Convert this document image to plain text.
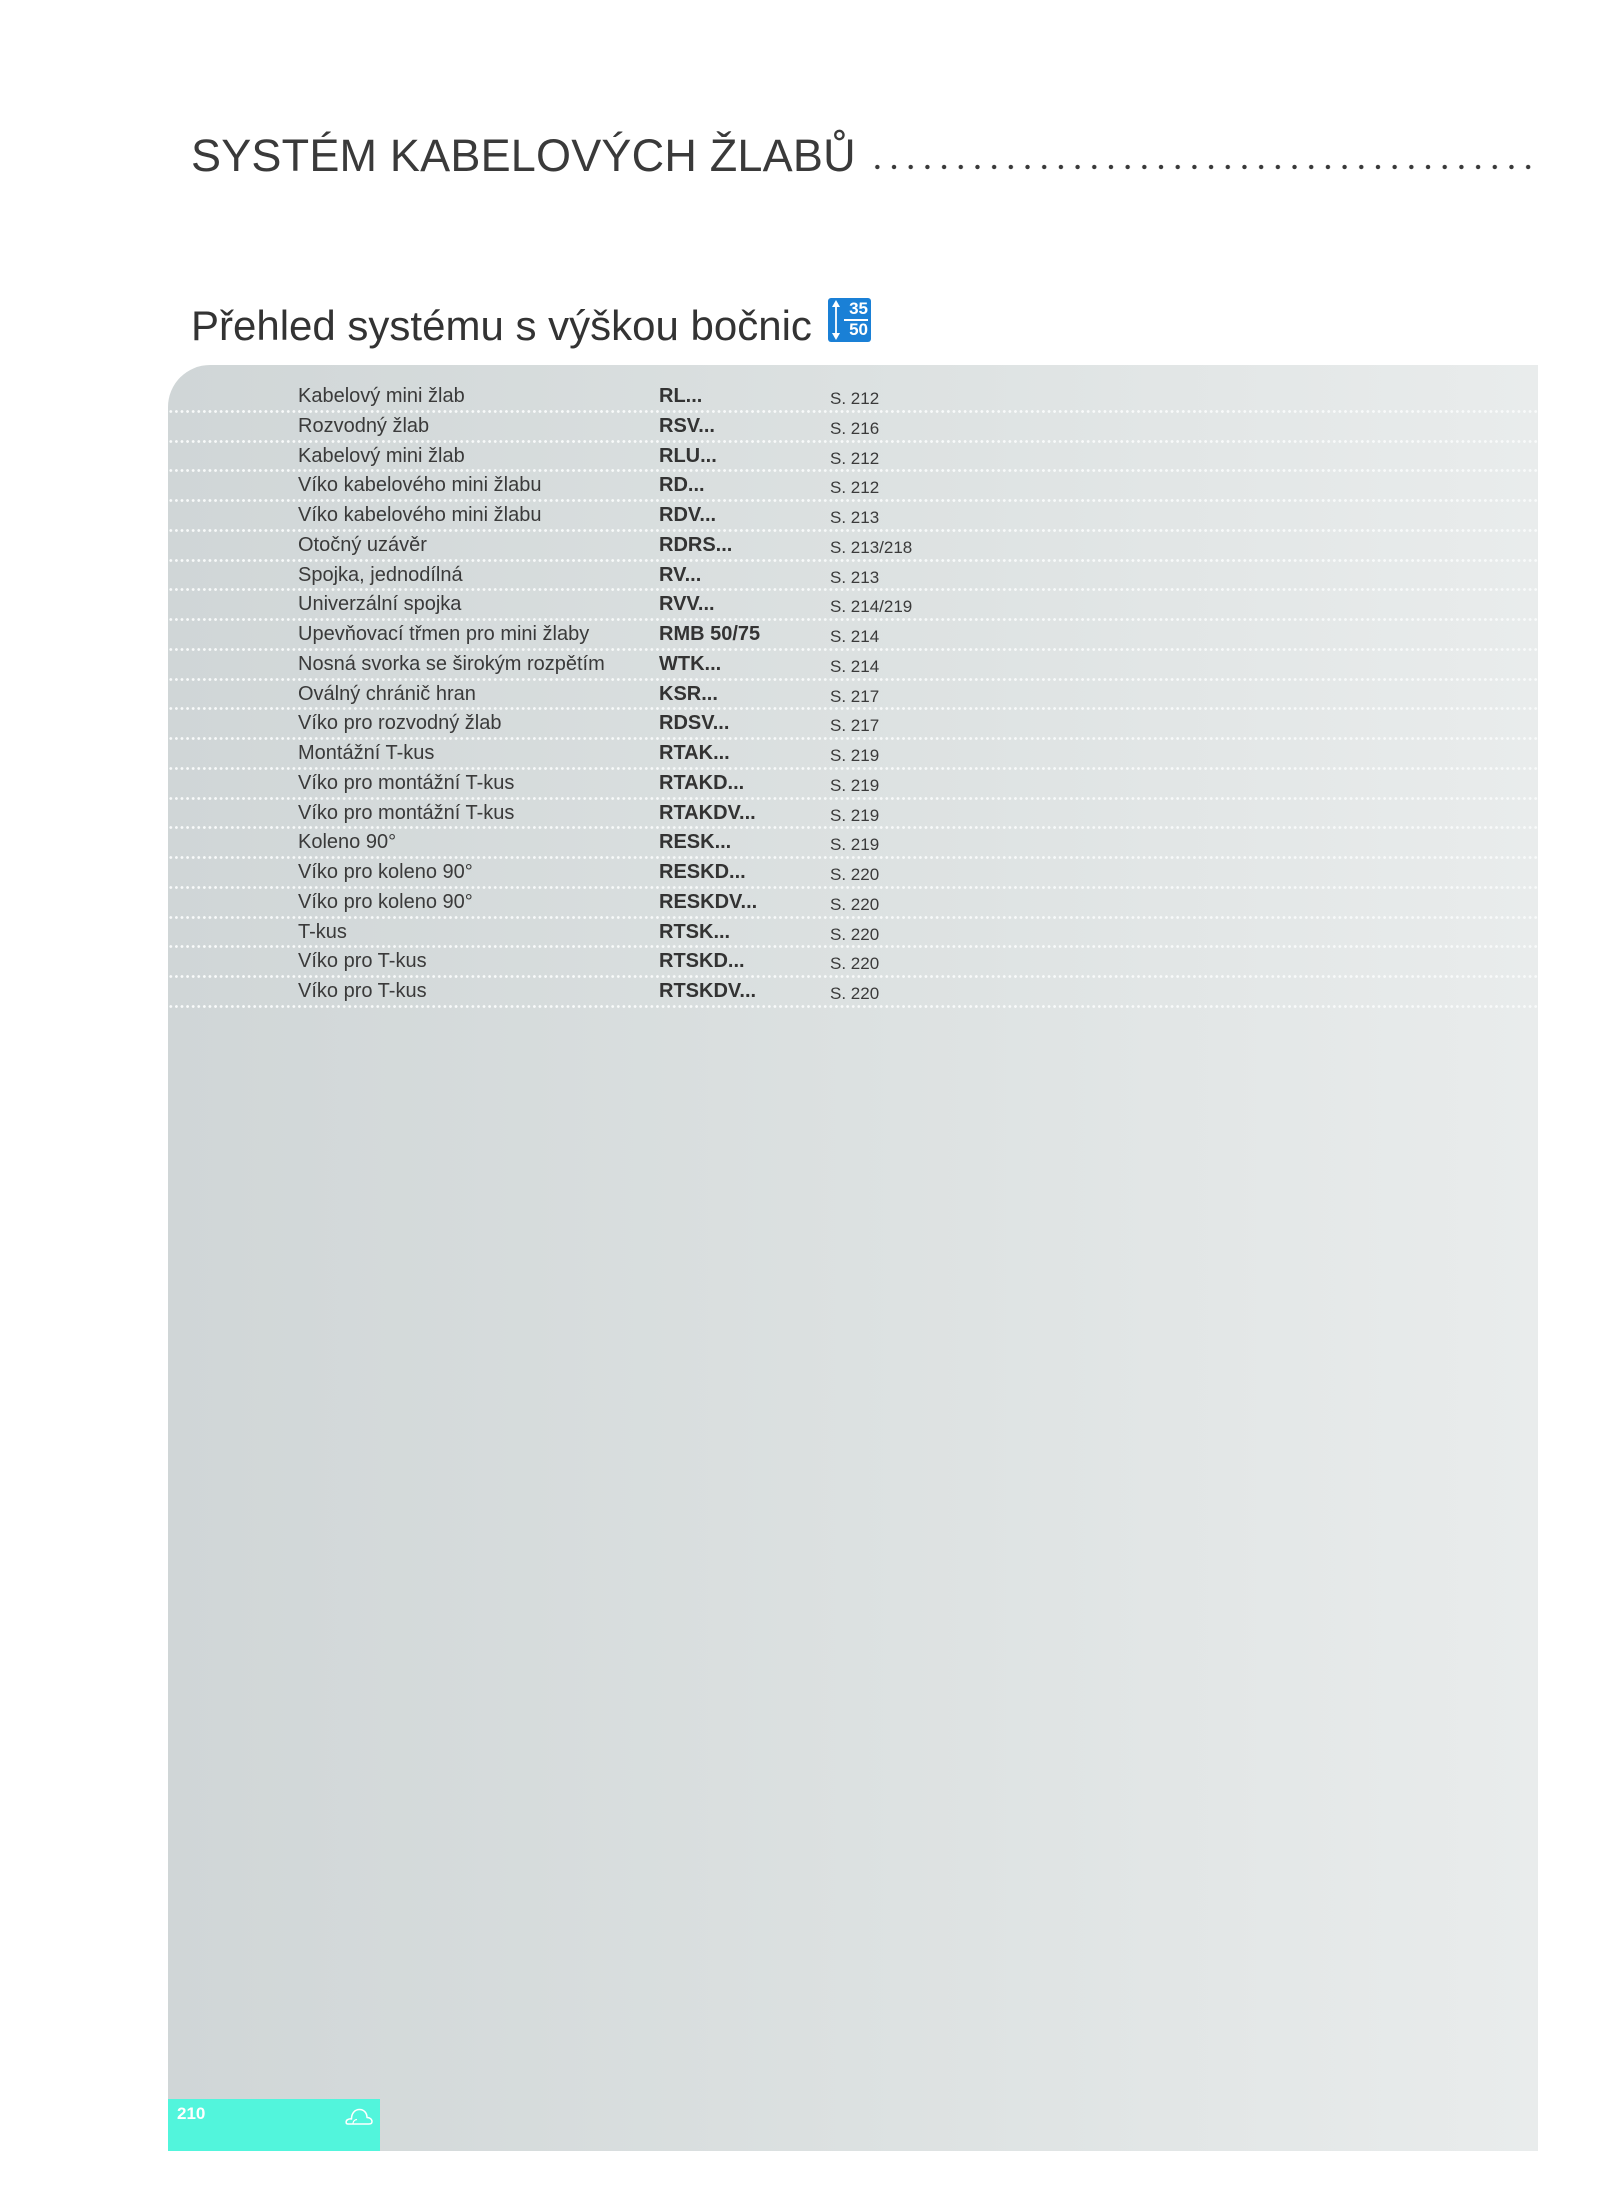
SYSTÉM KABELOVÝCH ŽLABŮ
Přehled systému s výškou bočnic 35
50
Kabelový mini žlab	RL...	S. 212
Rozvodný žlab	RSV...	S. 216
Kabelový mini žlab	RLU...	S. 212
Víko kabelového mini žlabu	RD...	S. 212
Víko kabelového mini žlabu	RDV...	S. 213
Otočný uzávěr	RDRS...	S. 213/218
Spojka, jednodílná	RV...	S. 213
Univerzální spojka	RVV...	S. 214/219
Upevňovací třmen pro mini žlaby	RMB 50/75	S. 214
Nosná svorka se širokým rozpětím	WTK...	S. 214
Oválný chránič hran	KSR...	S. 217
Víko pro rozvodný žlab	RDSV...	S. 217
Montážní T-kus	RTAK...	S. 219
Víko pro montážní T-kus	RTAKD...	S. 219
Víko pro montážní T-kus	RTAKDV...	S. 219
Koleno 90°	RESK...	S. 219
Víko pro koleno 90°	RESKD...	S. 220
Víko pro koleno 90°	RESKDV...	S. 220
T-kus	RTSK...	S. 220
Víko pro T-kus	RTSKD...	S. 220
Víko pro T-kus	RTSKDV...	S. 220
210
